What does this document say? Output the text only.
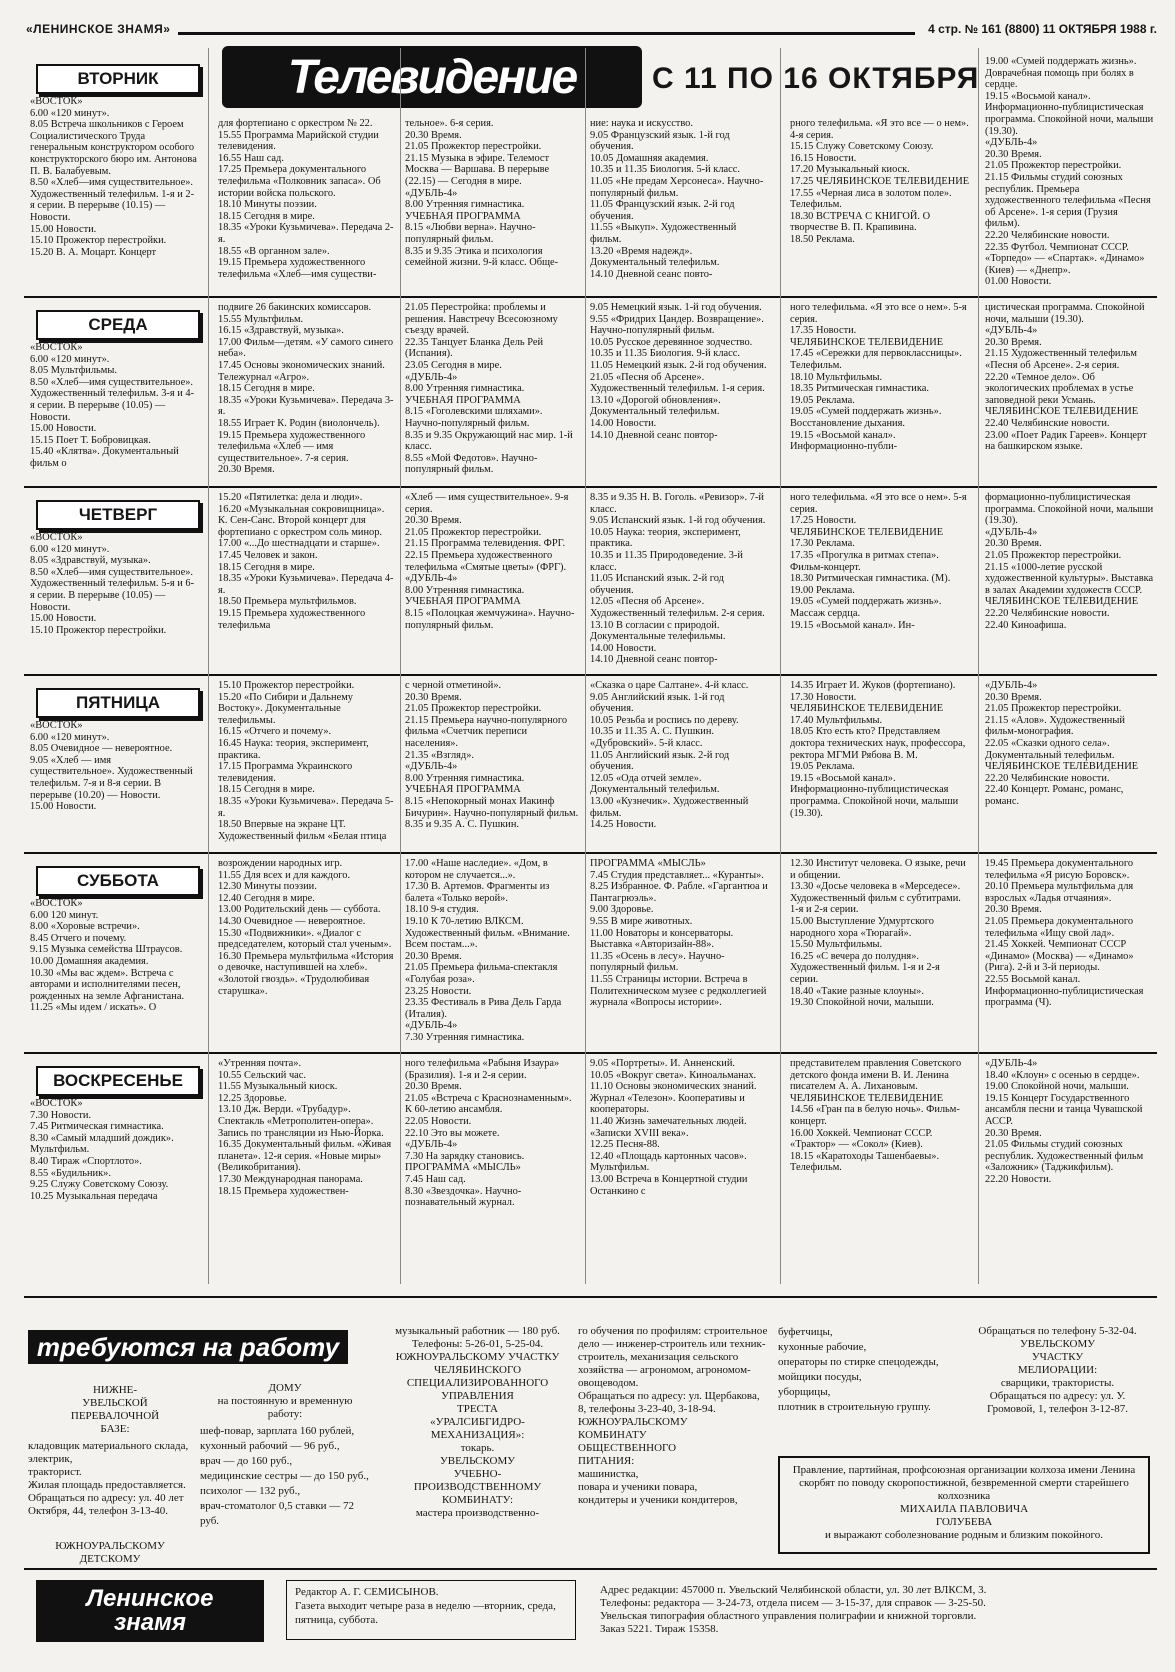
«ЛЕНИНСКОЕ ЗНАМЯ»	4 стр. № 161 (8800) 11 ОКТЯБРЯ 1988 г.
Телевидение	С 11 ПО 16 ОКТЯБРЯ
ВТОРНИК
«ВОСТОК»
6.00 «120 минут».
8.05 Встреча школьников с Героем Социалистического Труда генеральным конструктором особого конструкторского бюро им. Антонова П. В. Балабуевым.
8.50 «Хлеб—имя существительное». Художественный телефильм. 1-я и 2-я серии. В перерыве (10.15) — Новости.
15.00 Новости.
15.10 Прожектор перестройки.
15.20 В. А. Моцарт. Концерт
для фортепиано с оркестром № 22.
15.55 Программа Марийской студии телевидения.
16.55 Наш сад.
17.25 Премьера документального телефильма «Полковник запаса». Об истории войска польского.
18.10 Минуты поэзии.
18.15 Сегодня в мире.
18.35 «Уроки Кузьмичева». Передача 2-я.
18.55 «В органном зале».
19.15 Премьера художественного телефильма «Хлеб—имя существи-
тельное». 6-я серия.
20.30 Время.
21.05 Прожектор перестройки.
21.15 Музыка в эфире. Телемост Москва — Варшава. В перерыве (22.15) — Сегодня в мире.
«ДУБЛЬ-4»
8.00 Утренняя гимнастика.
УЧЕБНАЯ ПРОГРАММА
8.15 «Любви верна». Научно-популярный фильм.
8.35 и 9.35 Этика и психология семейной жизни. 9-й класс. Обще-
ние: наука и искусство.
9.05 Французский язык. 1-й год обучения.
10.05 Домашняя академия.
10.35 и 11.35 Биология. 5-й класс.
11.05 «Не предам Херсонеса». Научно-популярный фильм.
11.05 Французский язык. 2-й год обучения.
11.55 «Выкуп». Художественный фильм.
13.20 «Время надежд». Документальный телефильм.
14.10 Дневной сеанс повто-
рного телефильма. «Я это все — о нем». 4-я серия.
15.15 Служу Советскому Союзу.
16.15 Новости.
17.20 Музыкальный киоск.
17.25 ЧЕЛЯБИНСКОЕ ТЕЛЕВИДЕНИЕ
17.55 «Черная лиса в золотом поле». Телефильм.
18.30 ВСТРЕЧА С КНИГОЙ. О творчестве В. П. Крапивина.
18.50 Реклама.
19.00 «Сумей поддержать жизнь». Доврачебная помощь при болях в сердце.
19.15 «Восьмой канал». Информационно-публицистическая программа. Спокойной ночи, малыши (19.30).
«ДУБЛЬ-4»
20.30 Время.
21.05 Прожектор перестройки.
21.15 Фильмы студий союзных республик. Премьера художественного телефильма «Песня об Арсене». 1-я серия (Грузия фильм).
22.20 Челябинские новости.
22.35 Футбол. Чемпионат СССР. «Торпедо» — «Спартак». «Динамо» (Киев) — «Днепр».
01.00 Новости.
СРЕДА
«ВОСТОК»
6.00 «120 минут».
8.05 Мультфильмы.
8.50 «Хлеб—имя существительное». Художественный телефильм. 3-я и 4-я серии. В перерыве (10.05) — Новости.
15.00 Новости.
15.15 Поет Т. Бобровицкая.
15.40 «Клятва». Документальный фильм о
подвиге 26 бакинских комиссаров.
15.55 Мультфильм.
16.15 «Здравствуй, музыка».
17.00 Фильм—детям. «У самого синего неба».
17.45 Основы экономических знаний. Тележурнал «Агро».
18.15 Сегодня в мире.
18.35 «Уроки Кузьмичева». Передача 3-я.
18.55 Играет К. Родин (виолончель).
19.15 Премьера художественного телефильма «Хлеб — имя существительное». 7-я серия.
20.30 Время.
21.05 Перестройка: проблемы и решения. Навстречу Всесоюзному съезду врачей.
22.35 Танцует Бланка Дель Рей (Испания).
23.05 Сегодня в мире.
«ДУБЛЬ-4»
8.00 Утренняя гимнастика.
УЧЕБНАЯ ПРОГРАММА
8.15 «Гоголевскими шляхами». Научно-популярный фильм.
8.35 и 9.35 Окружающий нас мир. 1-й класс.
8.55 «Мой Федотов». Научно-популярный фильм.
9.05 Немецкий язык. 1-й год обучения.
9.55 «Фридрих Цандер. Возвращение». Научно-популярный фильм.
10.05 Русское деревянное зодчество.
10.35 и 11.35 Биология. 9-й класс.
11.05 Немецкий язык. 2-й год обучения.
21.05 «Песня об Арсене». Художественный телефильм. 1-я серия.
13.10 «Дорогой обновления». Документальный телефильм.
14.00 Новости.
14.10 Дневной сеанс повтор-
ного телефильма. «Я это все о нем». 5-я серия.
17.35 Новости.
ЧЕЛЯБИНСКОЕ ТЕЛЕВИДЕНИЕ
17.45 «Сережки для первоклассницы». Телефильм.
18.10 Мультфильмы.
18.35 Ритмическая гимнастика.
19.05 Реклама.
19.05 «Сумей поддержать жизнь». Восстановление дыхания.
19.15 «Восьмой канал». Информационно-публи-
цистическая программа. Спокойной ночи, малыши (19.30).
«ДУБЛЬ-4»
20.30 Время.
21.15 Художественный телефильм «Песня об Арсене». 2-я серия.
22.20 «Темное дело». Об экологических проблемах в устье заповедной реки Усмань.
ЧЕЛЯБИНСКОЕ ТЕЛЕВИДЕНИЕ
22.40 Челябинские новости.
23.00 «Поет Радик Гареев». Концерт на башкирском языке.
ЧЕТВЕРГ
«ВОСТОК»
6.00 «120 минут».
8.05 «Здравствуй, музыка».
8.50 «Хлеб—имя существительное». Художественный телефильм. 5-я и 6-я серии. В перерыве (10.05) — Новости.
15.00 Новости.
15.10 Прожектор перестройки.
15.20 «Пятилетка: дела и люди».
16.20 «Музыкальная сокровищница». К. Сен-Санс. Второй концерт для фортепиано с оркестром соль минор.
17.00 «...До шестнадцати и старше».
17.45 Человек и закон.
18.15 Сегодня в мире.
18.35 «Уроки Кузьмичева». Передача 4-я.
18.50 Премьера мультфильмов.
19.15 Премьера художественного телефильма
«Хлеб — имя существительное». 9-я серия.
20.30 Время.
21.05 Прожектор перестройки.
21.15 Программа телевидения. ФРГ.
22.15 Премьера художественного телефильма «Смятые цветы» (ФРГ).
«ДУБЛЬ-4»
8.00 Утренняя гимнастика.
УЧЕБНАЯ ПРОГРАММА
8.15 «Полоцкая жемчужина». Научно-популярный фильм.
8.35 и 9.35 Н. В. Гоголь. «Ревизор». 7-й класс.
9.05 Испанский язык. 1-й год обучения.
10.05 Наука: теория, эксперимент, практика.
10.35 и 11.35 Природоведение. 3-й класс.
11.05 Испанский язык. 2-й год обучения.
12.05 «Песня об Арсене». Художественный телефильм. 2-я серия.
13.10 В согласии с природой. Документальные телефильмы.
14.00 Новости.
14.10 Дневной сеанс повтор-
ного телефильма. «Я это все о нем». 5-я серия.
17.25 Новости.
ЧЕЛЯБИНСКОЕ ТЕЛЕВИДЕНИЕ
17.30 Реклама.
17.35 «Прогулка в ритмах степа». Фильм-концерт.
18.30 Ритмическая гимнастика. (М).
19.00 Реклама.
19.05 «Сумей поддержать жизнь». Массаж сердца.
19.15 «Восьмой канал». Ин-
формационно-публицистическая программа. Спокойной ночи, малыши (19.30).
«ДУБЛЬ-4»
20.30 Время.
21.05 Прожектор перестройки.
21.15 «1000-летие русской художественной культуры». Выставка в залах Академии художеств СССР.
ЧЕЛЯБИНСКОЕ ТЕЛЕВИДЕНИЕ
22.20 Челябинские новости.
22.40 Киноафиша.
ПЯТНИЦА
«ВОСТОК»
6.00 «120 минут».
8.05 Очевидное — невероятное.
9.05 «Хлеб — имя существительное». Художественный телефильм. 7-я и 8-я серии. В перерыве (10.20) — Новости.
15.00 Новости.
15.10 Прожектор перестройки.
15.20 «По Сибири и Дальнему Востоку». Документальные телефильмы.
16.15 «Отчего и почему».
16.45 Наука: теория, эксперимент, практика.
17.15 Программа Украинского телевидения.
18.15 Сегодня в мире.
18.35 «Уроки Кузьмичева». Передача 5-я.
18.50 Впервые на экране ЦТ. Художественный фильм «Белая птица
с черной отметиной».
20.30 Время.
21.05 Прожектор перестройки.
21.15 Премьера научно-популярного фильма «Счетчик переписи населения».
21.35 «Взгляд».
«ДУБЛЬ-4»
8.00 Утренняя гимнастика.
УЧЕБНАЯ ПРОГРАММА
8.15 «Непокорный монах Иакинф Бичурин». Научно-популярный фильм.
8.35 и 9.35 А. С. Пушкин.
«Сказка о царе Салтане». 4-й класс.
9.05 Английский язык. 1-й год обучения.
10.05 Резьба и роспись по дереву.
10.35 и 11.35 А. С. Пушкин. «Дубровский». 5-й класс.
11.05 Английский язык. 2-й год обучения.
12.05 «Ода отчей земле». Документальный телефильм.
13.00 «Кузнечик». Художественный фильм.
14.25 Новости.
14.35 Играет И. Жуков (фортепиано).
17.30 Новости.
ЧЕЛЯБИНСКОЕ ТЕЛЕВИДЕНИЕ
17.40 Мультфильмы.
18.05 Кто есть кто? Представляем доктора технических наук, профессора, ректора МГМИ Рябова В. М.
19.05 Реклама.
19.15 «Восьмой канал». Информационно-публицистическая программа. Спокойной ночи, малыши (19.30).
«ДУБЛЬ-4»
20.30 Время.
21.05 Прожектор перестройки.
21.15 «Алов». Художественный фильм-монография.
22.05 «Сказки одного села». Документальный телефильм.
ЧЕЛЯБИНСКОЕ ТЕЛЕВИДЕНИЕ
22.20 Челябинские новости.
22.40 Концерт. Романс, романс, романс.
СУББОТА
«ВОСТОК»
6.00 120 минут.
8.00 «Хоровые встречи».
8.45 Отчего и почему.
9.15 Музыка семейства Штраусов.
10.00 Домашняя академия.
10.30 «Мы вас ждем». Встреча с авторами и исполнителями песен, рожденных на земле Афганистана.
11.25 «Мы идем / искать». О
возрождении народных игр.
11.55 Для всех и для каждого.
12.30 Минуты поэзии.
12.40 Сегодня в мире.
13.00 Родительский день — суббота.
14.30 Очевидное — невероятное.
15.30 «Подвижники». «Диалог с председателем, который стал ученым».
16.30 Премьера мультфильма «История о девочке, наступившей на хлеб». «Золотой гвоздь». «Трудолюбивая старушка».
17.00 «Наше наследие». «Дом, в котором не случается...».
17.30 В. Артемов. Фрагменты из балета «Только верой».
18.10 9-я студия.
19.10 К 70-летию ВЛКСМ. Художественный фильм. «Внимание. Всем постам...».
20.30 Время.
21.05 Премьера фильма-спектакля «Голубая роза».
23.25 Новости.
23.35 Фестиваль в Рива Дель Гарда (Италия).
«ДУБЛЬ-4»
7.30 Утренняя гимнастика.
ПРОГРАММА «МЫСЛЬ»
7.45 Студия представляет... «Куранты».
8.25 Избранное. Ф. Рабле. «Гаргантюа и Пантагрюэль».
9.00 Здоровье.
9.55 В мире животных.
11.00 Новаторы и консерваторы. Выставка «Авторизайн-88».
11.35 «Осень в лесу». Научно-популярный фильм.
11.55 Страницы истории. Встреча в Политехническом музее с редколлегией журнала «Вопросы истории».
12.30 Институт человека. О языке, речи и общении.
13.30 «Досье человека в «Мерседесе». Художественный фильм с субтитрами. 1-я и 2-я серии.
15.00 Выступление Удмуртского народного хора «Тюрагай».
15.50 Мультфильмы.
16.25 «С вечера до полудня». Художественный фильм. 1-я и 2-я серии.
18.40 «Такие разные клоуны».
19.30 Спокойной ночи, малыши.
19.45 Премьера документального телефильма «Я рисую Боровск».
20.10 Премьера мультфильма для взрослых «Ладья отчаяния».
20.30 Время.
21.05 Премьера документального телефильма «Ищу свой лад».
21.45 Хоккей. Чемпионат СССР «Динамо» (Москва) — «Динамо» (Рига). 2-й и 3-й периоды.
22.55 Восьмой канал. Информационно-публицистическая программа (Ч).
ВОСКРЕСЕНЬЕ
«ВОСТОК»
7.30 Новости.
7.45 Ритмическая гимнастика.
8.30 «Самый младший дождик». Мультфильм.
8.40 Тираж «Спортлото».
8.55 «Будильник».
9.25 Служу Советскому Союзу.
10.25 Музыкальная передача
«Утренняя почта».
10.55 Сельский час.
11.55 Музыкальный киоск.
12.25 Здоровье.
13.10 Дж. Верди. «Трубадур». Спектакль «Метрополитен-опера». Запись по трансляции из Нью-Йорка.
16.35 Документальный фильм. «Живая планета». 12-я серия. «Новые миры» (Великобритания).
17.30 Международная панорама.
18.15 Премьера художествен-
ного телефильма «Рабыня Изаура» (Бразилия). 1-я и 2-я серии.
20.30 Время.
21.05 «Встреча с Краснознаменным». К 60-летию ансамбля.
22.05 Новости.
22.10 Это вы можете.
«ДУБЛЬ-4»
7.30 На зарядку становись.
ПРОГРАММА «МЫСЛЬ»
7.45 Наш сад.
8.30 «Звездочка». Научно-познавательный журнал.
9.05 «Портреты». И. Анненский.
10.05 «Вокруг света». Киноальманах.
11.10 Основы экономических знаний. Журнал «Телезон». Кооперативы и кооператоры.
11.40 Жизнь замечательных людей. «Записки XVIII века».
12.25 Песня-88.
12.40 «Площадь картонных часов». Мультфильм.
13.00 Встреча в Концертной студии Останкино с
представителем правления Советского детского фонда имени В. И. Ленина писателем А. А. Лихановым.
ЧЕЛЯБИНСКОЕ ТЕЛЕВИДЕНИЕ
14.56 «Гран па в белую ночь». Фильм-концерт.
16.00 Хоккей. Чемпионат СССР. «Трактор» — «Сокол» (Киев).
18.15 «Каратоходы Ташенбаевы». Телефильм.
«ДУБЛЬ-4»
18.40 «Клоун» с осенью в сердце».
19.00 Спокойной ночи, малыши.
19.15 Концерт Государственного ансамбля песни и танца Чувашской АССР.
20.30 Время.
21.05 Фильмы студий союзных республик. Художественный фильм «Заложник» (Таджикфильм).
22.20 Новости.
требуются на работу
НИЖНЕ-
УВЕЛЬСКОЙ
ПЕРЕВАЛОЧНОЙ
БАЗЕ:
кладовщик материального склада,
электрик,
тракторист.
Жилая площадь предоставляется.
Обращаться по адресу: ул. 40 лет Октября, 44, телефон 3-13-40.
ЮЖНОУРАЛЬСКОМУ
ДЕТСКОМУ
ДОМУ
на постоянную и временную работу:
шеф-повар, зарплата 160 рублей,
кухонный рабочий — 96 руб.,
врач — до 160 руб.,
медицинские сестры — до 150 руб.,
психолог — 132 руб.,
врач-стоматолог 0,5 ставки — 72 руб.
музыкальный работник — 180 руб.
Телефоны: 5-26-01, 5-25-04.
ЮЖНОУРАЛЬСКОМУ УЧАСТКУ
ЧЕЛЯБИНСКОГО
СПЕЦИАЛИЗИРОВАННОГО
УПРАВЛЕНИЯ
ТРЕСТА
«УРАЛСИБГИДРО-
МЕХАНИЗАЦИЯ»:
токарь.
УВЕЛЬСКОМУ
УЧЕБНО-
ПРОИЗВОДСТВЕННОМУ
КОМБИНАТУ:
мастера производственно-
го обучения по профилям: строительное дело — инженер-строитель или техник-строитель, механизация сельского хозяйства — агрономом, агрономом-овощеводом.
Обращаться по адресу: ул. Щербакова, 8, телефоны 3-23-40, 3-18-94.
ЮЖНОУРАЛЬСКОМУ
КОМБИНАТУ
ОБЩЕСТВЕННОГО
ПИТАНИЯ:
машинистка,
повара и ученики повара,
кондитеры и ученики кондитеров,
буфетчицы,
кухонные рабочие,
операторы по стирке спецодежды,
мойщики посуды,
уборщицы,
плотник в строительную группу.
Обращаться по телефону 5-32-04.
УВЕЛЬСКОМУ
УЧАСТКУ
МЕЛИОРАЦИИ:
сварщики, трактористы.
Обращаться по адресу: ул. У. Громовой, 1, телефон 3-12-87.
Правление, партийная, профсоюзная организации колхоза имени Ленина скорбят по поводу скоропостижной, безвременной смерти старейшего колхозника
МИХАИЛА ПАВЛОВИЧА
ГОЛУБЕВА
и выражают соболезнование родным и близким покойного.
Ленинское
знамя
Редактор А. Г. СЕМИСЫНОВ.
Газета выходит четыре раза в неделю —вторник, среда, пятница, суббота.
Адрес редакции: 457000 п. Увельский Челябинской области, ул. 30 лет ВЛКСМ, 3.
Телефоны: редактора — 3-24-73, отдела писем — 3-15-37, для справок — 3-25-50.
Увельская типография областного управления полиграфии и книжной торговли.
Заказ 5221. Тираж 15358.
